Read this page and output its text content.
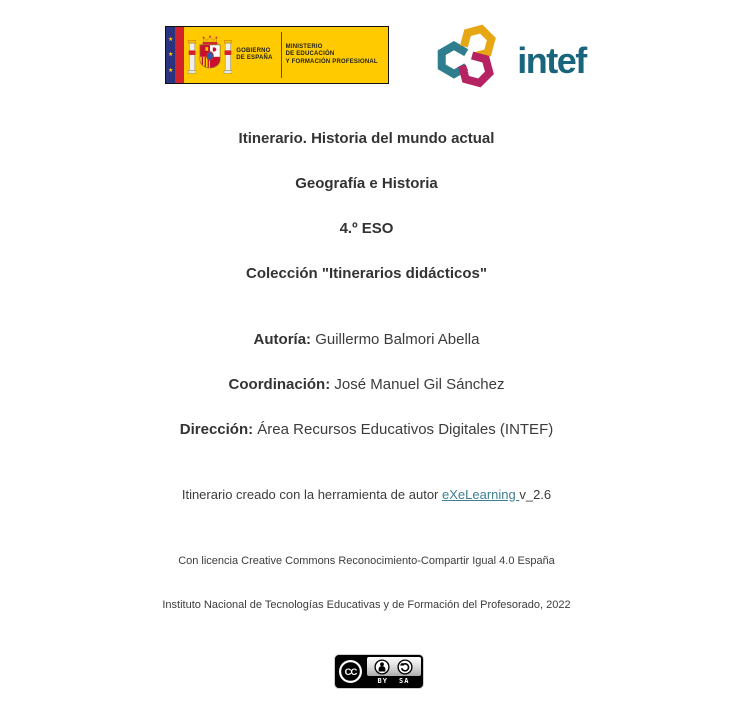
★
★
★
GOBIERNO
DE ESPAÑA
MINISTERIO
DE EDUCACIÓN
Y FORMACIÓN PROFESIONAL	intef

Itinerario. Historia del mundo actual

Geografía e Historia

4.º ESO

Colección "Itinerarios didácticos"

Autoría: Guillermo Balmori Abella

Coordinación: José Manuel Gil Sánchez

Dirección: Área Recursos Educativos Digitales (INTEF)

Itinerario creado con la herramienta de autor eXeLearning v_2.6

Con licencia Creative Commons Reconocimiento-Compartir Igual 4.0 España

Instituto Nacional de Tecnologías Educativas y de Formación del Profesorado, 2022

CC
BY SA
